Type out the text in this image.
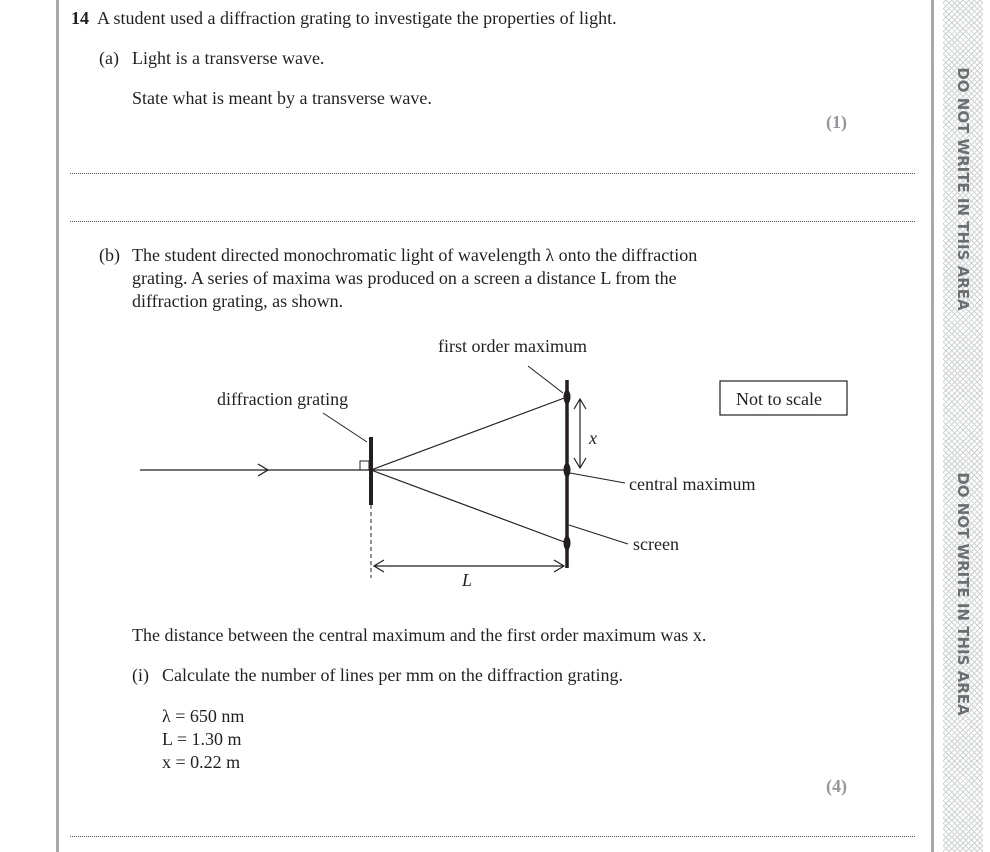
DO NOT WRITE IN THIS AREA
DO NOT WRITE IN THIS AREA
14 A student used a diffraction grating to investigate the properties of light.
(a) Light is a transverse wave.
State what is meant by a transverse wave.
(1)
(b) The student directed monochromatic light of wavelength λ onto the diffraction
grating. A series of maxima was produced on a screen a distance L from the
diffraction grating, as shown.
first order maximum
diffraction grating	Not to scale
x
central maximum
screen
L
The distance between the central maximum and the first order maximum was x.
(i) Calculate the number of lines per mm on the diffraction grating.
λ = 650 nm
L = 1.30 m
x = 0.22 m
(4)
